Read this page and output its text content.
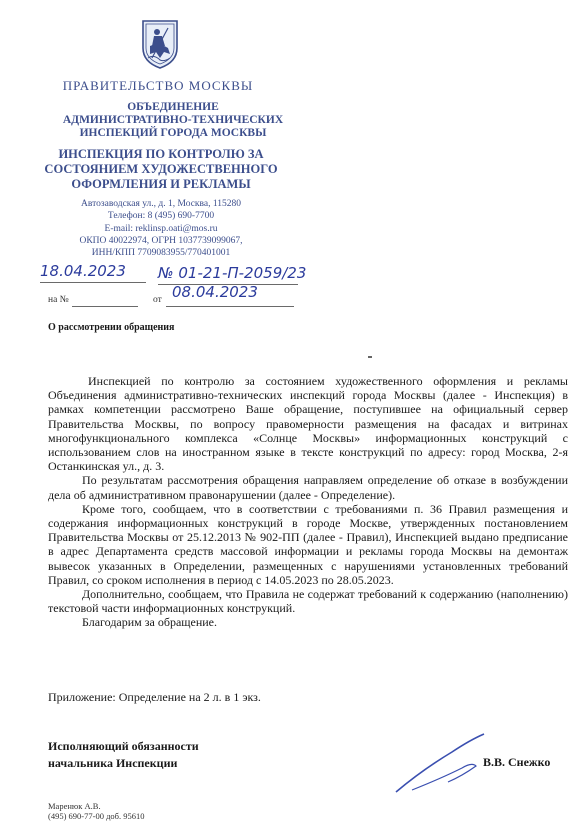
ПРАВИТЕЛЬСТВО МОСКВЫ
ОБЪЕДИНЕНИЕ
АДМИНИСТРАТИВНО-ТЕХНИЧЕСКИХ
ИНСПЕКЦИЙ ГОРОДА МОСКВЫ
ИНСПЕКЦИЯ ПО КОНТРОЛЮ ЗА
СОСТОЯНИЕМ ХУДОЖЕСТВЕННОГО
ОФОРМЛЕНИЯ И РЕКЛАМЫ
Автозаводская ул., д. 1, Москва, 115280
Телефон: 8 (495) 690-7700
E-mail: reklinsp.oati@mos.ru
ОКПО 40022974, ОГРН 1037739099067,
ИНН/КПП 7709083955/770401001
18.04.2023 № 01-21-П-2059/23
на №	от 08.04.2023
О рассмотрении обращения

Инспекцией по контролю за состоянием художественного оформления и рекламы Объединения административно-технических инспекций города Москвы (далее - Инспекция) в рамках компетенции рассмотрено Ваше обращение, поступившее на официальный сервер Правительства Москвы, по вопросу правомерности размещения на фасадах и витринах многофункционального комплекса «Солнце Москвы» информационных конструкций с использованием слов на иностранном языке в тексте конструкций по адресу: город Москва, 2-я Останкинская ул., д. 3.

По результатам рассмотрения обращения направляем определение об отказе в возбуждении дела об административном правонарушении (далее - Определение).

Кроме того, сообщаем, что в соответствии с требованиями п. 36 Правил размещения и содержания информационных конструкций в городе Москве, утвержденных постановлением Правительства Москвы от 25.12.2013 № 902-ПП (далее - Правил), Инспекцией выдано предписание в адрес Департамента средств массовой информации и рекламы города Москвы на демонтаж вывесок указанных в Определении, размещенных с нарушениями установленных требований Правил, со сроком исполнения в период с 14.05.2023 по 28.05.2023.

Дополнительно, сообщаем, что Правила не содержат требований к содержанию (наполнению) текстовой части информационных конструкций.

Благодарим за обращение.

Приложение: Определение на 2 л. в 1 экз.
Исполняющий обязанности
начальника Инспекции	В.В. Снежко
Маренюк А.В.
(495) 690-77-00 доб. 95610
